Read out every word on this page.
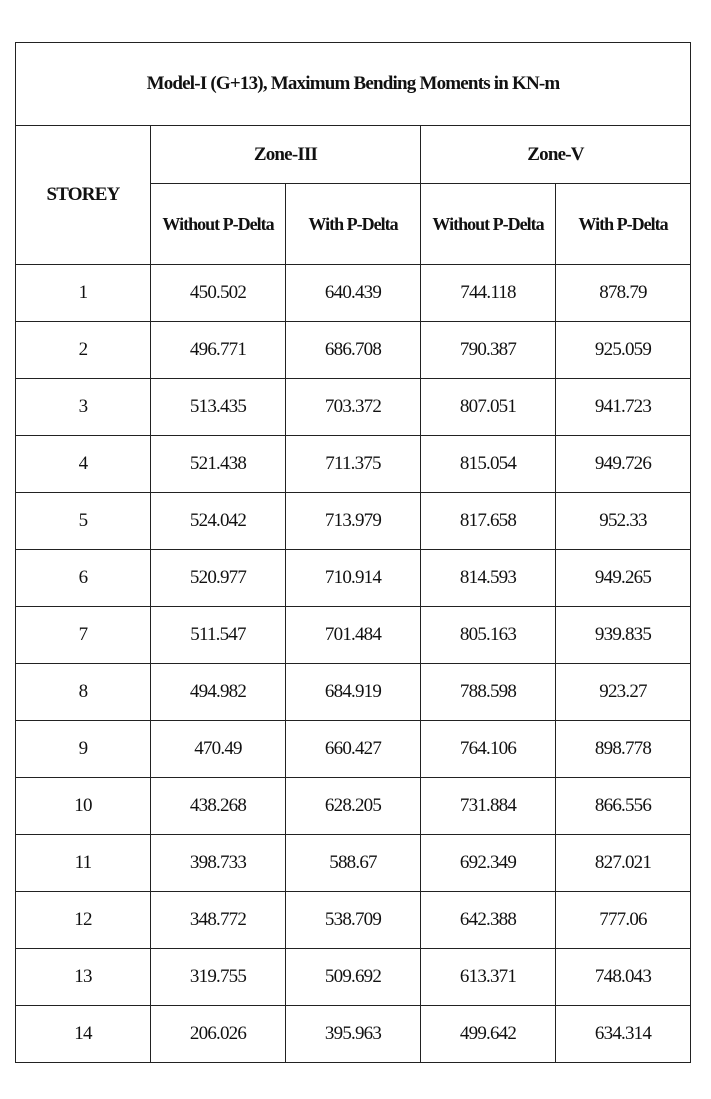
Model-I (G+13), Maximum Bending Moments in KN-m				
STOREY	Zone-III		Zone-V	
	Without P-Delta	With P-Delta	Without P-Delta	With P-Delta
1	450.502	640.439	744.118	878.79
2	496.771	686.708	790.387	925.059
3	513.435	703.372	807.051	941.723
4	521.438	711.375	815.054	949.726
5	524.042	713.979	817.658	952.33
6	520.977	710.914	814.593	949.265
7	511.547	701.484	805.163	939.835
8	494.982	684.919	788.598	923.27
9	470.49	660.427	764.106	898.778
10	438.268	628.205	731.884	866.556
11	398.733	588.67	692.349	827.021
12	348.772	538.709	642.388	777.06
13	319.755	509.692	613.371	748.043
14	206.026	395.963	499.642	634.314
